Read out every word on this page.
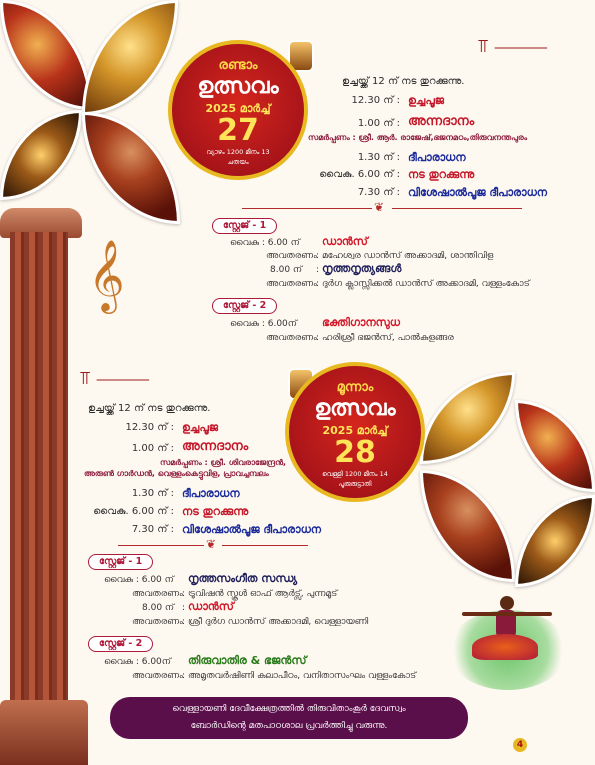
𝄞
⫪ ⸻
രണ്ടാം
ഉത്സവം
2025 മാർച്ച്
27
വ്യാഴം 1200 മീനം 13
ചതയം
ഉച്ചയ്ക്ക് 12 ന് നട തുറക്കുന്നു.
12.30 ന് : ഉച്ചപൂജ
1.00 ന് : അന്നദാനം
സമർപ്പണം : ശ്രീ. ആർ. രാജേഷ്,ഭജനമഠം,തിരുവനന്തപുരം
1.30 ന് : ദീപാരാധന
വൈകു. 6.00 ന് : നട തുറക്കുന്നു
7.30 ന് : വിശേഷാൽപൂജ ദീപാരാധന
❦
സ്റ്റേജ് - 1
വൈകു : 6.00 ന് ഡാൻസ്
അവതരണം : മഹേശ്വര ഡാൻസ് അക്കാദമി, ശാന്തിവിള
8.00 ന് : നൃത്തനൃത്യങ്ങൾ
അവതരണം : ദുർഗ ക്ലാസ്സിക്കൽ ഡാൻസ് അക്കാദമി, വള്ളംകോട്
സ്റ്റേജ് - 2
വൈകു : 6.00ന് ഭക്തിഗാനസുധ
അവതരണം : ഹരിശ്രീ ഭജൻസ്, പാൽകുളങ്ങര
⫪ ⸻	മൂന്നാം
ഉത്സവം
2025 മാർച്ച്
28
വെള്ളി 1200 മീനം 14
പൂരുരുട്ടാതി
ഉച്ചയ്ക്ക് 12 ന് നട തുറക്കുന്നു.
12.30 ന് : ഉച്ചപൂജ
1.00 ന് : അന്നദാനം
സമർപ്പണം : ശ്രീ. ശിവരാജേന്ദ്രൻ,
അരുൺ ഗാർഡൻ, വെള്ളംകെട്ടുവിള, പ്രാവച്ചമ്പലം
1.30 ന് : ദീപാരാധന
വൈകു. 6.00 ന് : നട തുറക്കുന്നു
7.30 ന് : വിശേഷാൽപൂജ ദീപാരാധന
❦
സ്റ്റേജ് - 1
വൈകു : 6.00 ന് നൃത്തസംഗീത സന്ധ്യ
അവതരണം : ട്രൂവിഷൻ സ്കൂൾ ഓഫ് ആർട്സ്, പുന്നമൂട്
8.00 ന് : ഡാൻസ്
അവതരണം : ശ്രീ ദുർഗ ഡാൻസ് അക്കാദമി, വെള്ളായണി
സ്റ്റേജ് - 2
വൈകു : 6.00ന് തിരുവാതിര & ഭജൻസ്
അവതരണം : അമൃതവർഷിണി കലാപീഠം, വനിതാസംഘം വള്ളംകോട്
വെള്ളായണി ദേവീക്ഷേത്രത്തിൽ തിരുവിതാംകൂർ ദേവസ്വം
ബോർഡിന്റെ മതപാഠശാല പ്രവർത്തിച്ചു വരുന്നു.
4
